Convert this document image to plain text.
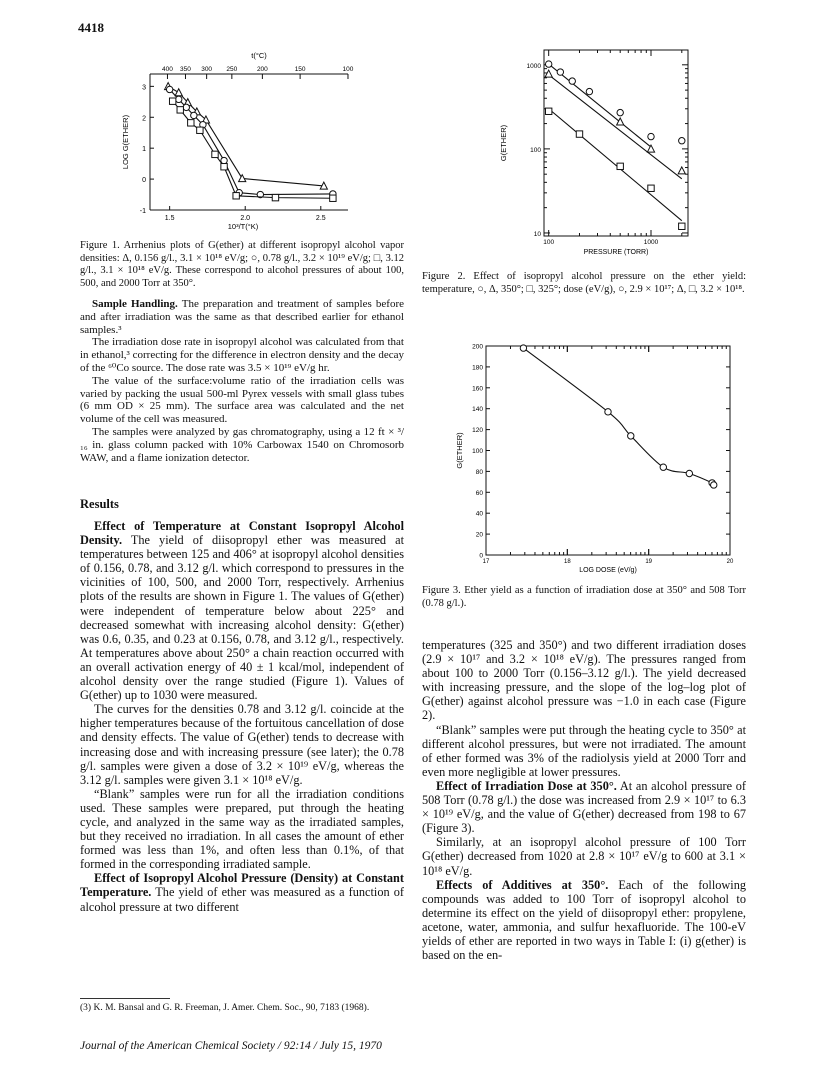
4418
-1
0
1
2
3
1.5	2.0	2.5
400 350 300 250	200	150	100
t(°C)
10³/T(°K)
LOG G(ETHER)
Figure 1. Arrhenius plots of G(ether) at different isopropyl alcohol vapor densities: Δ, 0.156 g/l., 3.1 × 10¹⁸ eV/g; ○, 0.78 g/l., 3.2 × 10¹⁹ eV/g; □, 3.12 g/l., 3.1 × 10¹⁸ eV/g. These correspond to alcohol pressures of about 100, 500, and 2000 Torr at 350°.

Sample Handling. The preparation and treatment of samples before and after irradiation was the same as that described earlier for ethanol samples.³

The irradiation dose rate in isopropyl alcohol was calculated from that in ethanol,³ correcting for the difference in electron density and the decay of the ⁶⁰Co source. The dose rate was 3.5 × 10¹⁹ eV/g hr.

The value of the surface:volume ratio of the irradiation cells was varied by packing the usual 500-ml Pyrex vessels with small glass tubes (6 mm OD × 25 mm). The surface area was calculated and the net volume of the cell was measured.

The samples were analyzed by gas chromatography, using a 12 ft × ³/₁₆ in. glass column packed with 10% Carbowax 1540 on Chromosorb WAW, and a flame ionization detector.

Results

Effect of Temperature at Constant Isopropyl Alcohol Density. The yield of diisopropyl ether was measured at temperatures between 125 and 406° at isopropyl alcohol densities of 0.156, 0.78, and 3.12 g/l. which correspond to pressures in the vicinities of 100, 500, and 2000 Torr, respectively. Arrhenius plots of the results are shown in Figure 1. The values of G(ether) were independent of temperature below about 225° and decreased somewhat with increasing alcohol density: G(ether) was 0.6, 0.35, and 0.23 at 0.156, 0.78, and 3.12 g/l., respectively. At temperatures above about 250° a chain reaction occurred with an overall activation energy of 40 ± 1 kcal/mol, independent of alcohol density over the range studied (Figure 1). Values of G(ether) up to 1030 were measured.

The curves for the densities 0.78 and 3.12 g/l. coincide at the higher temperatures because of the fortuitous cancellation of dose and density effects. The value of G(ether) tends to decrease with increasing dose and with increasing pressure (see later); the 0.78 g/l. samples were given a dose of 3.2 × 10¹⁹ eV/g, whereas the 3.12 g/l. samples were given 3.1 × 10¹⁸ eV/g.

“Blank” samples were run for all the irradiation conditions used. These samples were prepared, put through the heating cycle, and analyzed in the same way as the irradiated samples, but they received no irradiation. In all cases the amount of ether formed was less than 1%, and often less than 0.1%, of that formed in the corresponding irradiated sample.

Effect of Isopropyl Alcohol Pressure (Density) at Constant Temperature. The yield of ether was measured as a function of alcohol pressure at two different

(3) K. M. Bansal and G. R. Freeman, J. Amer. Chem. Soc., 90, 7183 (1968).
100	1000
10
100
1000
PRESSURE (TORR)
G(ETHER)
Figure 2. Effect of isopropyl alcohol pressure on the ether yield: temperature, ○, Δ, 350°; □, 325°; dose (eV/g), ○, 2.9 × 10¹⁷; Δ, □, 3.2 × 10¹⁸.
0
20
40
60
80
100
120
140
160
180
200
17	18	19	20
LOG DOSE (eV/g)
G(ETHER)
Figure 3. Ether yield as a function of irradiation dose at 350° and 508 Torr (0.78 g/l.).

temperatures (325 and 350°) and two different irradiation doses (2.9 × 10¹⁷ and 3.2 × 10¹⁸ eV/g). The pressures ranged from about 100 to 2000 Torr (0.156–3.12 g/l.). The yield decreased with increasing pressure, and the slope of the log–log plot of G(ether) against alcohol pressure was −1.0 in each case (Figure 2).

“Blank” samples were put through the heating cycle to 350° at different alcohol pressures, but were not irradiated. The amount of ether formed was 3% of the radiolysis yield at 2000 Torr and even more negligible at lower pressures.

Effect of Irradiation Dose at 350°. At an alcohol pressure of 508 Torr (0.78 g/l.) the dose was increased from 2.9 × 10¹⁷ to 6.3 × 10¹⁹ eV/g, and the value of G(ether) decreased from 198 to 67 (Figure 3).

Similarly, at an isopropyl alcohol pressure of 100 Torr G(ether) decreased from 1020 at 2.8 × 10¹⁷ eV/g to 600 at 3.1 × 10¹⁸ eV/g.

Effects of Additives at 350°. Each of the following compounds was added to 100 Torr of isopropyl alcohol to determine its effect on the yield of diisopropyl ether: propylene, acetone, water, ammonia, and sulfur hexafluoride. The 100-eV yields of ether are reported in two ways in Table I: (i) g(ether) is based on the en-

Journal of the American Chemical Society / 92:14 / July 15, 1970
